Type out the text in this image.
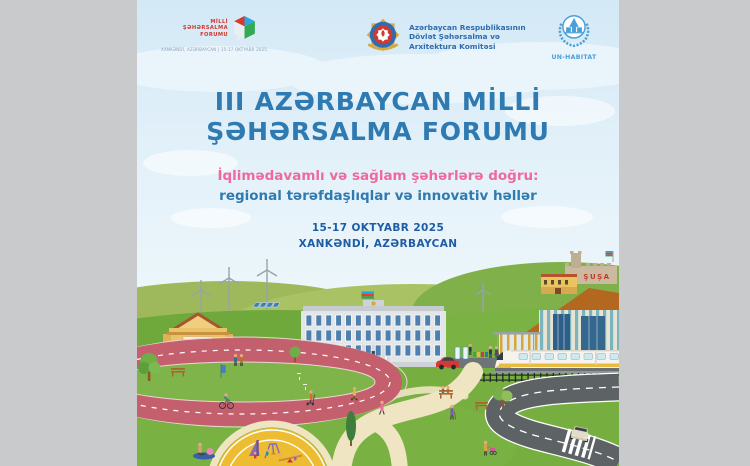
MİLLİ
ŞƏHƏRSALMA
FORUMU
XANKƏNDİ, AZƏRBAYCAN | 15-17 OKTYABR 2025
Azərbaycan Respublikasının
Dövlət Şəhərsalma və
Arxitektura Komitəsi
UN-HABITAT
III AZƏRBAYCAN MİLLİ
ŞƏHƏRSALMA FORUMU
İqlimədavamlı və sağlam şəhərlərə doğru:
regional tərəfdaşlıqlar və innovativ həllər
15-17 OKTYABR 2025
XANKƏNDİ, AZƏRBAYCAN
ŞUŞA
QARABAĞ UNİVERSİTETİ
